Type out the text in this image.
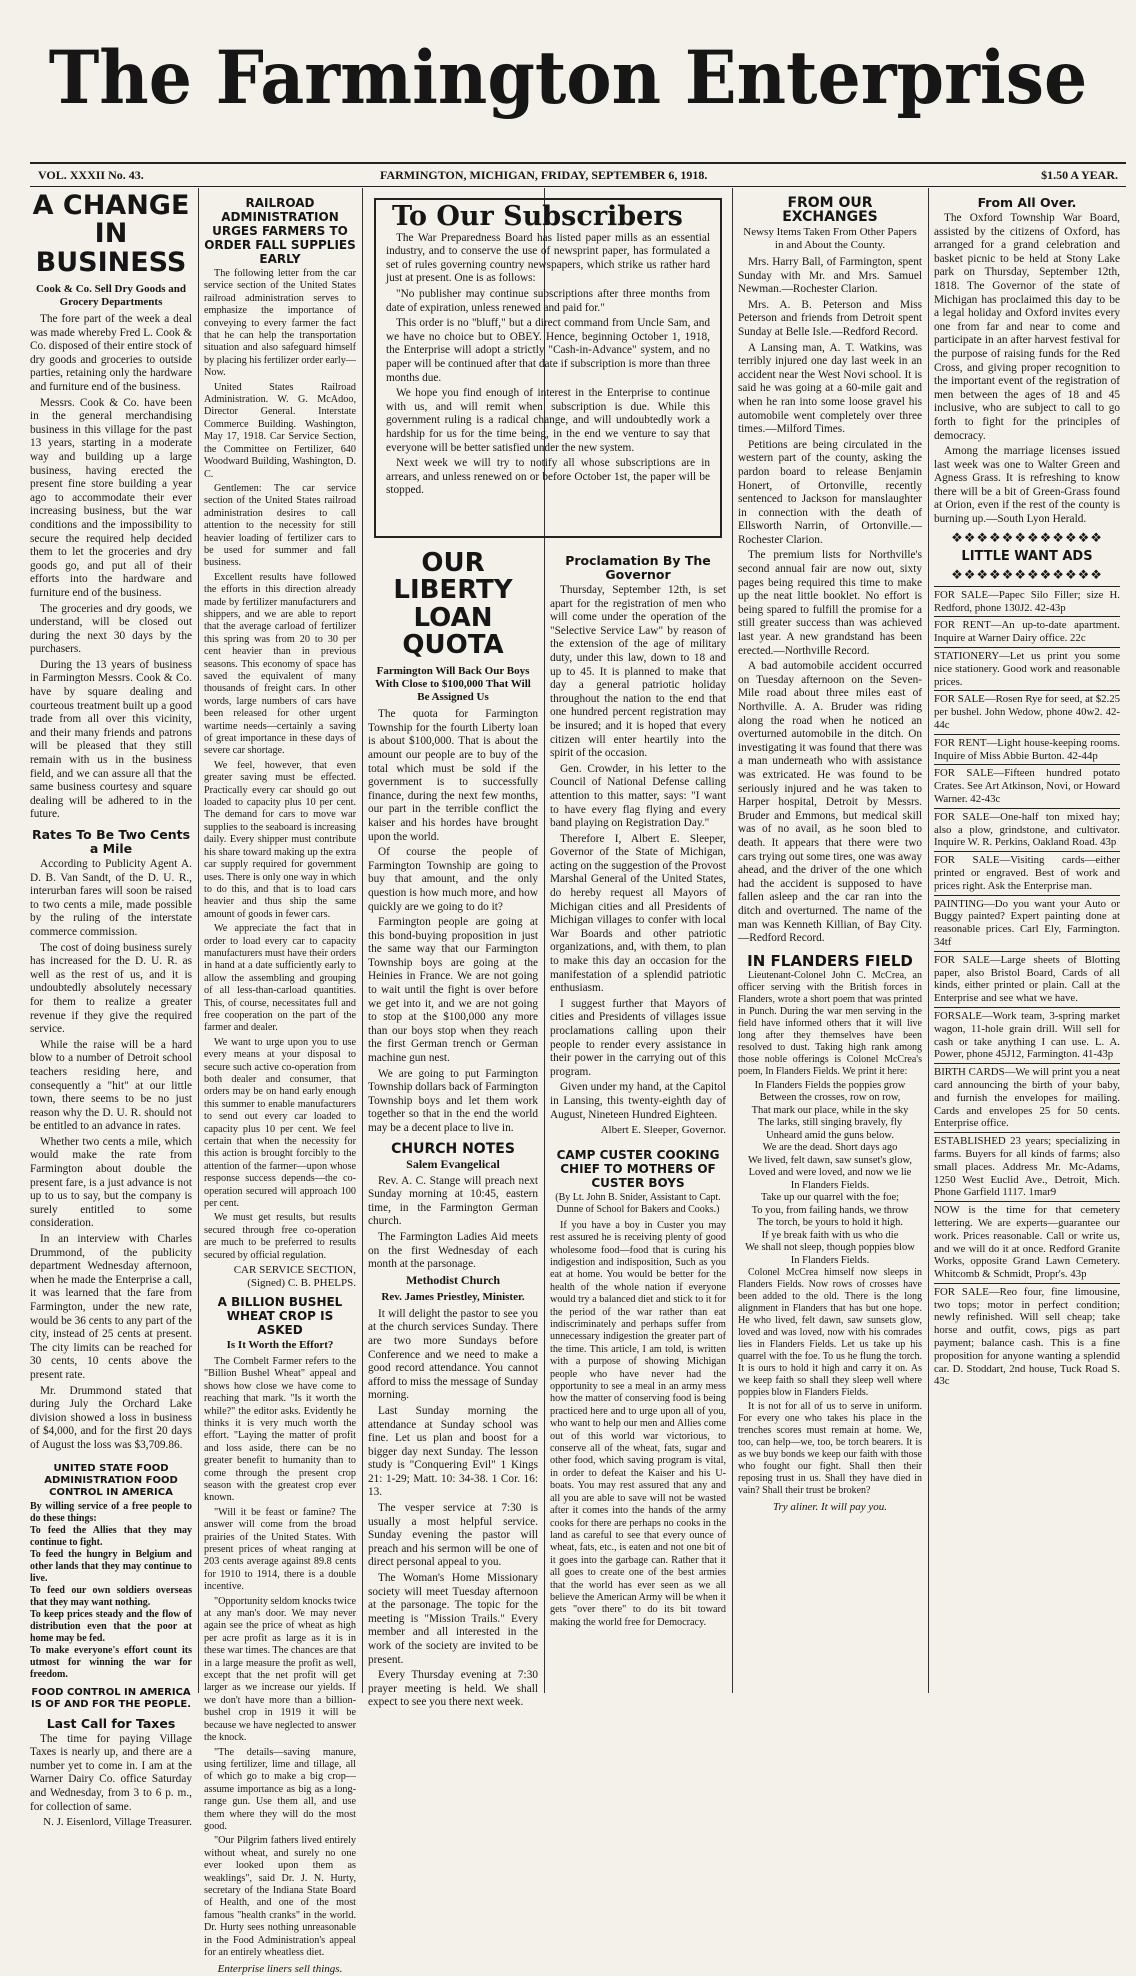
The Farmington Enterprise
VOL. XXXII No. 43.	FARMINGTON, MICHIGAN, FRIDAY, SEPTEMBER 6, 1918.	$1.50 A YEAR.
A CHANGE IN BUSINESS
Cook & Co. Sell Dry Goods and Grocery Departments

The fore part of the week a deal was made whereby Fred L. Cook & Co. disposed of their entire stock of dry goods and groceries to outside parties, retaining only the hardware and furniture end of the business.

Messrs. Cook & Co. have been in the general merchandising business in this village for the past 13 years, starting in a moderate way and building up a large business, having erected the present fine store building a year ago to accommodate their ever increasing business, but the war conditions and the impossibility to secure the required help decided them to let the groceries and dry goods go, and put all of their efforts into the hardware and furniture end of the business.

The groceries and dry goods, we understand, will be closed out during the next 30 days by the purchasers.

During the 13 years of business in Farmington Messrs. Cook & Co. have by square dealing and courteous treatment built up a good trade from all over this vicinity, and their many friends and patrons will be pleased that they still remain with us in the business field, and we can assure all that the same business courtesy and square dealing will be adhered to in the future.

Rates To Be Two Cents a Mile

According to Publicity Agent A. D. B. Van Sandt, of the D. U. R., interurban fares will soon be raised to two cents a mile, made possible by the ruling of the interstate commerce commission.

The cost of doing business surely has increased for the D. U. R. as well as the rest of us, and it is undoubtedly absolutely necessary for them to realize a greater revenue if they give the required service.

While the raise will be a hard blow to a number of Detroit school teachers residing here, and consequently a "hit" at our little town, there seems to be no just reason why the D. U. R. should not be entitled to an advance in rates.

Whether two cents a mile, which would make the rate from Farmington about double the present fare, is a just advance is not up to us to say, but the company is surely entitled to some consideration.

In an interview with Charles Drummond, of the publicity department Wednesday afternoon, when he made the Enterprise a call, it was learned that the fare from Farmington, under the new rate, would be 36 cents to any part of the city, instead of 25 cents at present. The city limits can be reached for 30 cents, 10 cents above the present rate.

Mr. Drummond stated that during July the Orchard Lake division showed a loss in business of $4,000, and for the first 20 days of August the loss was $3,709.86.

UNITED STATE FOOD ADMINISTRATION FOOD CONTROL IN AMERICA
By willing service of a free people to do these things:
To feed the Allies that they may continue to fight.
To feed the hungry in Belgium and other lands that they may continue to live.
To feed our own soldiers overseas that they may want nothing.
To keep prices steady and the flow of distribution even that the poor at home may be fed.
To make everyone's effort count its utmost for winning the war for freedom.
FOOD CONTROL IN AMERICA IS OF AND FOR THE PEOPLE.
Last Call for Taxes

The time for paying Village Taxes is nearly up, and there are a number yet to come in. I am at the Warner Dairy Co. office Saturday and Wednesday, from 3 to 6 p. m., for collection of same.

N. J. Eisenlord, Village Treasurer.
RAILROAD ADMINISTRATION URGES FARMERS TO ORDER FALL SUPPLIES EARLY

The following letter from the car service section of the United States railroad administration serves to emphasize the importance of conveying to every farmer the fact that he can help the transportation situation and also safeguard himself by placing his fertilizer order early—Now.

United States Railroad Administration. W. G. McAdoo, Director General. Interstate Commerce Building. Washington, May 17, 1918. Car Service Section, the Committee on Fertilizer, 640 Woodward Building, Washington, D. C.

Gentlemen: The car service section of the United States railroad administration desires to call attention to the necessity for still heavier loading of fertilizer cars to be used for summer and fall business.

Excellent results have followed the efforts in this direction already made by fertilizer manufacturers and shippers, and we are able to report that the average carload of fertilizer this spring was from 20 to 30 per cent heavier than in previous seasons. This economy of space has saved the equivalent of many thousands of freight cars. In other words, large numbers of cars have been released for other urgent wartime needs—certainly a saving of great importance in these days of severe car shortage.

We feel, however, that even greater saving must be effected. Practically every car should go out loaded to capacity plus 10 per cent. The demand for cars to move war supplies to the seaboard is increasing daily. Every shipper must contribute his share toward making up the extra car supply required for government uses. There is only one way in which to do this, and that is to load cars heavier and thus ship the same amount of goods in fewer cars.

We appreciate the fact that in order to load every car to capacity manufacturers must have their orders in hand at a date sufficiently early to allow the assembling and grouping of all less-than-carload quantities. This, of course, necessitates full and free cooperation on the part of the farmer and dealer.

We want to urge upon you to use every means at your disposal to secure such active co-operation from both dealer and consumer, that orders may be on hand early enough this summer to enable manufacturers to send out every car loaded to capacity plus 10 per cent. We feel certain that when the necessity for this action is brought forcibly to the attention of the farmer—upon whose response success depends—the co-operation secured will approach 100 per cent.

We must get results, but results secured through free co-operation are much to be preferred to results secured by official regulation.

CAR SERVICE SECTION, (Signed) C. B. PHELPS.
A BILLION BUSHEL WHEAT CROP IS ASKED
Is It Worth the Effort?

The Cornbelt Farmer refers to the "Billion Bushel Wheat" appeal and shows how close we have come to reaching that mark. "Is it worth the while?" the editor asks. Evidently he thinks it is very much worth the effort. "Laying the matter of profit and loss aside, there can be no greater benefit to humanity than to come through the present crop season with the greatest crop ever known.

"Will it be feast or famine? The answer will come from the broad prairies of the United States. With present prices of wheat ranging at 203 cents average against 89.8 cents for 1910 to 1914, there is a double incentive.

"Opportunity seldom knocks twice at any man's door. We may never again see the price of wheat as high per acre profit as large as it is in these war times. The chances are that in a large measure the profit as well, except that the net profit will get larger as we increase our yields. If we don't have more than a billion-bushel crop in 1919 it will be because we have neglected to answer the knock.

"The details—saving manure, using fertilizer, lime and tillage, all of which go to make a big crop—assume importance as big as a long-range gun. Use them all, and use them where they will do the most good.

"Our Pilgrim fathers lived entirely without wheat, and surely no one ever looked upon them as weaklings", said Dr. J. N. Hurty, secretary of the Indiana State Board of Health, and one of the most famous "health cranks" in the world. Dr. Hurty sees nothing unreasonable in the Food Administration's appeal for an entirely wheatless diet.

Enterprise liners sell things.
To Our Subscribers

The War Preparedness Board has listed paper mills as an essential industry, and to conserve the use of newsprint paper, has formulated a set of rules governing country newspapers, which strike us rather hard just at present. One is as follows:

"No publisher may continue subscriptions after three months from date of expiration, unless renewed and paid for."

This order is no "bluff," but a direct command from Uncle Sam, and we have no choice but to OBEY. Hence, beginning October 1, 1918, the Enterprise will adopt a strictly "Cash-in-Advance" system, and no paper will be continued after that date if subscription is more than three months due.

We hope you find enough of interest in the Enterprise to continue with us, and will remit when subscription is due. While this government ruling is a radical change, and will undoubtedly work a hardship for us for the time being, in the end we venture to say that everyone will be better satisfied under the new system.

Next week we will try to notify all whose subscriptions are in arrears, and unless renewed on or before October 1st, the paper will be stopped.

OUR LIBERTY LOAN QUOTA
Farmington Will Back Our Boys With Close to $100,000 That Will Be Assigned Us

The quota for Farmington Township for the fourth Liberty loan is about $100,000. That is about the amount our people are to buy of the total which must be sold if the government is to successfully finance, during the next few months, our part in the terrible conflict the kaiser and his hordes have brought upon the world.

Of course the people of Farmington Township are going to buy that amount, and the only question is how much more, and how quickly are we going to do it?

Farmington people are going at this bond-buying proposition in just the same way that our Farmington Township boys are going at the Heinies in France. We are not going to wait until the fight is over before we get into it, and we are not going to stop at the $100,000 any more than our boys stop when they reach the first German trench or German machine gun nest.

We are going to put Farmington Township dollars back of Farmington Township boys and let them work together so that in the end the world may be a decent place to live in.

CHURCH NOTES
Salem Evangelical

Rev. A. C. Stange will preach next Sunday morning at 10:45, eastern time, in the Farmington German church.

The Farmington Ladies Aid meets on the first Wednesday of each month at the parsonage.

Methodist Church
Rev. James Priestley, Minister.

It will delight the pastor to see you at the church services Sunday. There are two more Sundays before Conference and we need to make a good record attendance. You cannot afford to miss the message of Sunday morning.

Last Sunday morning the attendance at Sunday school was fine. Let us plan and boost for a bigger day next Sunday. The lesson study is "Conquering Evil" 1 Kings 21: 1-29; Matt. 10: 34-38. 1 Cor. 16: 13.

The vesper service at 7:30 is usually a most helpful service. Sunday evening the pastor will preach and his sermon will be one of direct personal appeal to you.

The Woman's Home Missionary society will meet Tuesday afternoon at the parsonage. The topic for the meeting is "Mission Trails." Every member and all interested in the work of the society are invited to be present.

Every Thursday evening at 7:30 prayer meeting is held. We shall expect to see you there next week.

Proclamation By The Governor

Thursday, September 12th, is set apart for the registration of men who will come under the operation of the "Selective Service Law" by reason of the extension of the age of military duty, under this law, down to 18 and up to 45. It is planned to make that day a general patriotic holiday throughout the nation to the end that one hundred percent registration may be insured; and it is hoped that every citizen will enter heartily into the spirit of the occasion.

Gen. Crowder, in his letter to the Council of National Defense calling attention to this matter, says: "I want to have every flag flying and every band playing on Registration Day."

Therefore I, Albert E. Sleeper, Governor of the State of Michigan, acting on the suggestion of the Provost Marshal General of the United States, do hereby request all Mayors of Michigan cities and all Presidents of Michigan villages to confer with local War Boards and other patriotic organizations, and, with them, to plan to make this day an occasion for the manifestation of a splendid patriotic enthusiasm.

I suggest further that Mayors of cities and Presidents of villages issue proclamations calling upon their people to render every assistance in their power in the carrying out of this program.

Given under my hand, at the Capitol in Lansing, this twenty-eighth day of August, Nineteen Hundred Eighteen.

Albert E. Sleeper, Governor.
CAMP CUSTER COOKING CHIEF TO MOTHERS OF CUSTER BOYS
(By Lt. John B. Snider, Assistant to Capt. Dunne of School for Bakers and Cooks.)

If you have a boy in Custer you may rest assured he is receiving plenty of good wholesome food—food that is curing his indigestion and indisposition, Such as you eat at home. You would be better for the health of the whole nation if everyone would try a balanced diet and stick to it for the period of the war rather than eat indiscriminately and perhaps suffer from unnecessary indigestion the greater part of the time. This article, I am told, is written with a purpose of showing Michigan people who have never had the opportunity to see a meal in an army mess how the matter of conserving food is being practiced here and to urge upon all of you, who want to help our men and Allies come out of this world war victorious, to conserve all of the wheat, fats, sugar and other food, which saving program is vital, in order to defeat the Kaiser and his U-boats. You may rest assured that any and all you are able to save will not be wasted after it comes into the hands of the army cooks for there are perhaps no cooks in the land as careful to see that every ounce of wheat, fats, etc., is eaten and not one bit of it goes into the garbage can. Rather that it all goes to create one of the best armies that the world has ever seen as we all believe the American Army will be when it gets "over there" to do its bit toward making the world free for Democracy.

FROM OUR EXCHANGES
Newsy Items Taken From Other Papers in and About the County.

Mrs. Harry Ball, of Farmington, spent Sunday with Mr. and Mrs. Samuel Newman.—Rochester Clarion.

Mrs. A. B. Peterson and Miss Peterson and friends from Detroit spent Sunday at Belle Isle.—Redford Record.

A Lansing man, A. T. Watkins, was terribly injured one day last week in an accident near the West Novi school. It is said he was going at a 60-mile gait and when he ran into some loose gravel his automobile went completely over three times.—Milford Times.

Petitions are being circulated in the western part of the county, asking the pardon board to release Benjamin Honert, of Ortonville, recently sentenced to Jackson for manslaughter in connection with the death of Ellsworth Narrin, of Ortonville.—Rochester Clarion.

The premium lists for Northville's second annual fair are now out, sixty pages being required this time to make up the neat little booklet. No effort is being spared to fulfill the promise for a still greater success than was achieved last year. A new grandstand has been erected.—Northville Record.

A bad automobile accident occurred on Tuesday afternoon on the Seven-Mile road about three miles east of Northville. A. A. Bruder was riding along the road when he noticed an overturned automobile in the ditch. On investigating it was found that there was a man underneath who with assistance was extricated. He was found to be seriously injured and he was taken to Harper hospital, Detroit by Messrs. Bruder and Emmons, but medical skill was of no avail, as he soon bled to death. It appears that there were two cars trying out some tires, one was away ahead, and the driver of the one which had the accident is supposed to have fallen asleep and the car ran into the ditch and overturned. The name of the man was Kenneth Killian, of Bay City.—Redford Record.

IN FLANDERS FIELD

Lieutenant-Colonel John C. McCrea, an officer serving with the British forces in Flanders, wrote a short poem that was printed in Punch. During the war men serving in the field have informed others that it will live long after they themselves have been resolved to dust. Taking high rank among those noble offerings is Colonel McCrea's poem, In Flanders Fields. We print it here:

In Flanders Fields the poppies grow
Between the crosses, row on row,
That mark our place, while in the sky
The larks, still singing bravely, fly
Unheard amid the guns below.
We are the dead. Short days ago
We lived, felt dawn, saw sunset's glow,
Loved and were loved, and now we lie
In Flanders Fields.
Take up our quarrel with the foe;
To you, from failing hands, we throw
The torch, be yours to hold it high.
If ye break faith with us who die
We shall not sleep, though poppies blow
In Flanders Fields.

Colonel McCrea himself now sleeps in Flanders Fields. Now rows of crosses have been added to the old. There is the long alignment in Flanders that has but one hope. He who lived, felt dawn, saw sunsets glow, loved and was loved, now with his comrades lies in Flanders Fields. Let us take up his quarrel with the foe. To us he flung the torch. It is ours to hold it high and carry it on. As we keep faith so shall they sleep well where poppies blow in Flanders Fields.

It is not for all of us to serve in uniform. For every one who takes his place in the trenches scores must remain at home. We, too, can help—we, too, be torch bearers. It is as we buy bonds we keep our faith with those who fought our fight. Shall then their reposing trust in us. Shall they have died in vain? Shall their trust be broken?

Try aliner. It will pay you.
From All Over.

The Oxford Township War Board, assisted by the citizens of Oxford, has arranged for a grand celebration and basket picnic to be held at Stony Lake park on Thursday, September 12th, 1818. The Governor of the state of Michigan has proclaimed this day to be a legal holiday and Oxford invites every one from far and near to come and participate in an after harvest festival for the purpose of raising funds for the Red Cross, and giving proper recognition to the important event of the registration of men between the ages of 18 and 45 inclusive, who are subject to call to go forth to fight for the principles of democracy.

Among the marriage licenses issued last week was one to Walter Green and Agness Grass. It is refreshing to know there will be a bit of Green-Grass found at Orion, even if the rest of the county is burning up.—South Lyon Herald.

❖❖❖❖❖❖❖❖❖❖❖❖
LITTLE WANT ADS
❖❖❖❖❖❖❖❖❖❖❖❖
FOR SALE—Papec Silo Filler; size H. Redford, phone 130J2. 42-43p
FOR RENT—An up-to-date apartment. Inquire at Warner Dairy office. 22c
STATIONERY—Let us print you some nice stationery. Good work and reasonable prices.
FOR SALE—Rosen Rye for seed, at $2.25 per bushel. John Wedow, phone 40w2. 42-44c
FOR RENT—Light house-keeping rooms. Inquire of Miss Abbie Burton. 42-44p
FOR SALE—Fifteen hundred potato Crates. See Art Atkinson, Novi, or Howard Warner. 42-43c
FOR SALE—One-half ton mixed hay; also a plow, grindstone, and cultivator. Inquire W. R. Perkins, Oakland Road. 43p
FOR SALE—Visiting cards—either printed or engraved. Best of work and prices right. Ask the Enterprise man.
PAINTING—Do you want your Auto or Buggy painted? Expert painting done at reasonable prices. Carl Ely, Farmington. 34tf
FOR SALE—Large sheets of Blotting paper, also Bristol Board, Cards of all kinds, either printed or plain. Call at the Enterprise and see what we have.
FORSALE—Work team, 3-spring market wagon, 11-hole grain drill. Will sell for cash or take anything I can use. L. A. Power, phone 45J12, Farmington. 41-43p
BIRTH CARDS—We will print you a neat card announcing the birth of your baby, and furnish the envelopes for mailing. Cards and envelopes 25 for 50 cents. Enterprise office.
ESTABLISHED 23 years; specializing in farms. Buyers for all kinds of farms; also small places. Address Mr. Mc-Adams, 1250 West Euclid Ave., Detroit, Mich. Phone Garfield 1117. 1mar9
NOW is the time for that cemetery lettering. We are experts—guarantee our work. Prices reasonable. Call or write us, and we will do it at once. Redford Granite Works, opposite Grand Lawn Cemetery. Whitcomb & Schmidt, Propr's. 43p
FOR SALE—Reo four, fine limousine, two tops; motor in perfect condition; newly refinished. Will sell cheap; take horse and outfit, cows, pigs as part payment; balance cash. This is a fine proposition for anyone wanting a splendid car. D. Stoddart, 2nd house, Tuck Road S. 43c
